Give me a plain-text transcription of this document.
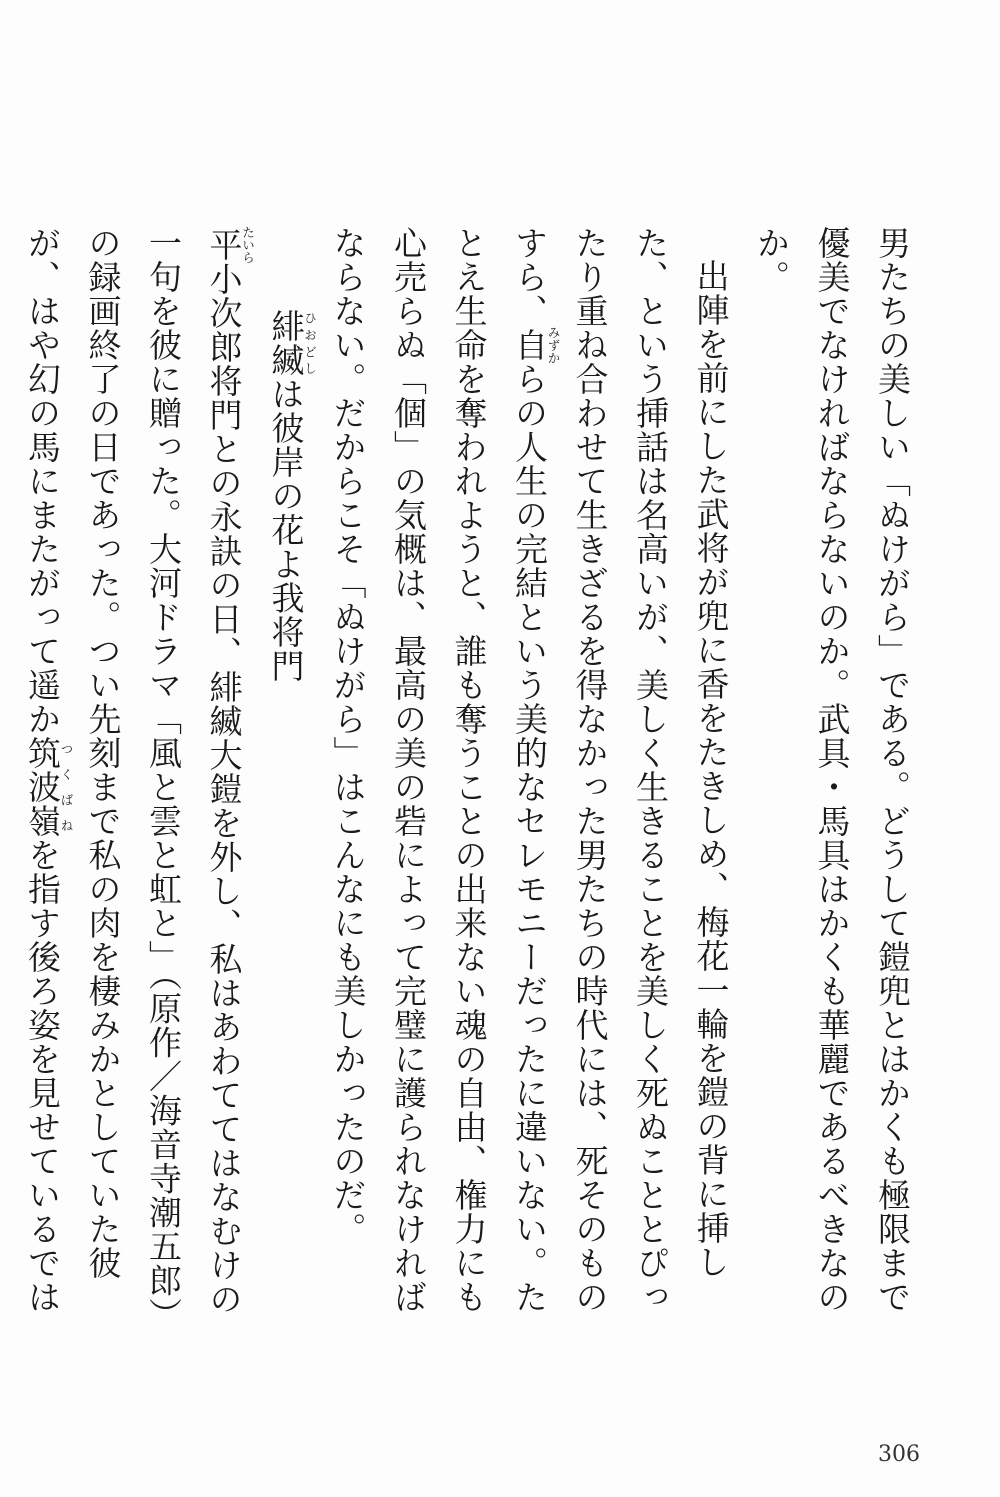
男たちの美しい「ぬけがら」である。どうして鎧兜とはかくも極限まで優美でなければならないのか。武具・馬具はかくも華麗であるべきなのか。

出陣を前にした武将が兜に香をたきしめ、梅花一輪を鎧の背に挿した、という挿話は名高いが、美しく生きることを美しく死ぬこととぴったり重ね合わせて生きざるを得なかった男たちの時代には、死そのものすら、自みずからの人生の完結という美的なセレモニーだったに違いない。たとえ生命を奪われようと、誰も奪うことの出来ない魂の自由、権力にも心売らぬ「個」の気概は、最高の美の砦によって完璧に護られなければならない。だからこそ「ぬけがら」はこんなにも美しかったのだ。

緋縅ひおどしは彼岸の花よ我将門

平たいら小次郎将門との永訣の日、緋縅大鎧を外し、私はあわててはなむけの一句を彼に贈った。大河ドラマ「風と雲と虹と」（原作／海音寺潮五郎）の録画終了の日であった。つい先刻まで私の肉を棲みかとしていた彼が、はや幻の馬にまたがって遥か筑波嶺つくばねを指す後ろ姿を見せているでは

306
